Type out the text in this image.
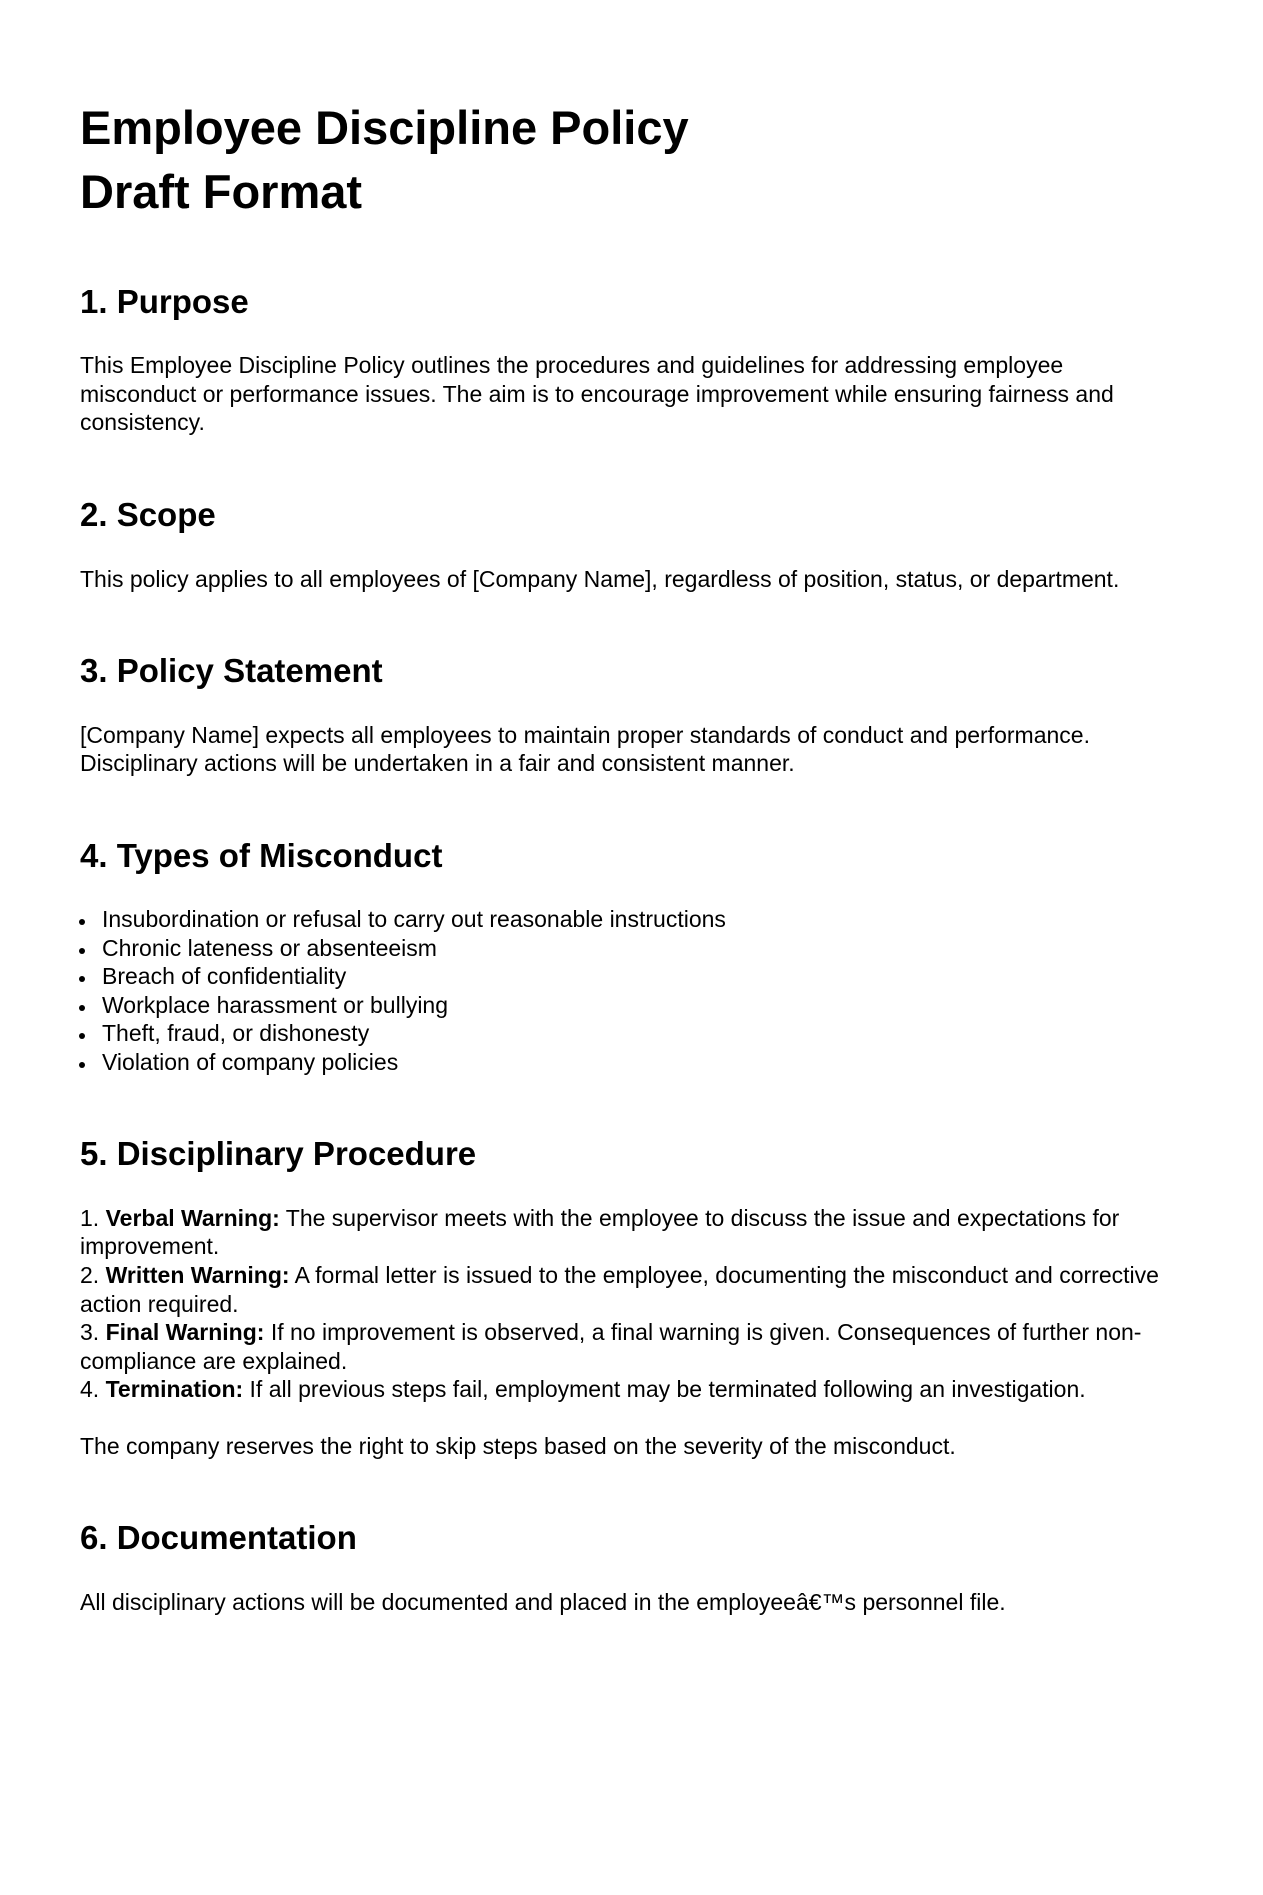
Employee Discipline Policy
Draft Format
1. Purpose

This Employee Discipline Policy outlines the procedures and guidelines for addressing employee misconduct or performance issues. The aim is to encourage improvement while ensuring fairness and consistency.

2. Scope

This policy applies to all employees of [Company Name], regardless of position, status, or department.

3. Policy Statement

[Company Name] expects all employees to maintain proper standards of conduct and performance. Disciplinary actions will be undertaken in a fair and consistent manner.

4. Types of Misconduct
• Insubordination or refusal to carry out reasonable instructions
• Chronic lateness or absenteeism
• Breach of confidentiality
• Workplace harassment or bullying
• Theft, fraud, or dishonesty
• Violation of company policies
5. Disciplinary Procedure
1. Verbal Warning: The supervisor meets with the employee to discuss the issue and expectations for improvement.
2. Written Warning: A formal letter is issued to the employee, documenting the misconduct and corrective action required.
3. Final Warning: If no improvement is observed, a final warning is given. Consequences of further non-compliance are explained.
4. Termination: If all previous steps fail, employment may be terminated following an investigation.

The company reserves the right to skip steps based on the severity of the misconduct.

6. Documentation

All disciplinary actions will be documented and placed in the employeeâ€™s personnel file.
